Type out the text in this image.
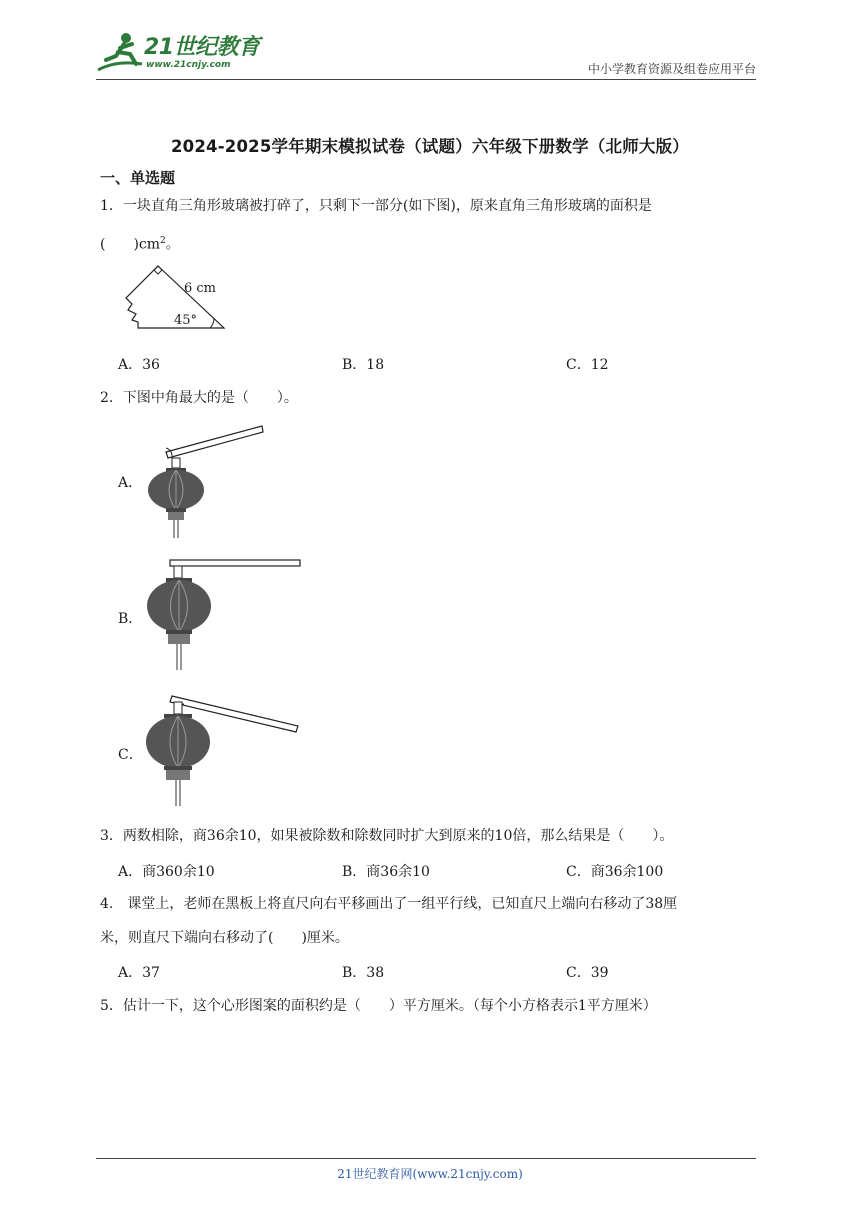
21世纪教育
www.21cnjy.com	中小学教育资源及组卷应用平台
2024-2025学年期末模拟试卷（试题）六年级下册数学（北师大版）
一、单选题
1．一块直角三角形玻璃被打碎了，只剩下一部分(如下图)，原来直角三角形玻璃的面积是
(　　)$cm^2$。
6 cm
45°
A．36	B．18	C．12
2．下图中角最大的是（　　）。
A．
B．
C．
3．两数相除，商36余10，如果被除数和除数同时扩大到原来的10倍，那么结果是（　　）。
A．商360余10	B．商36余10	C．商36余100
4.　课堂上，老师在黑板上将直尺向右平移画出了一组平行线，已知直尺上端向右移动了38厘
米，则直尺下端向右移动了(　　)厘米。
A．37	B．38	C．39
5．估计一下，这个心形图案的面积约是（　　）平方厘米。（每个小方格表示1平方厘米）
21世纪教育网(www.21cnjy.com)
